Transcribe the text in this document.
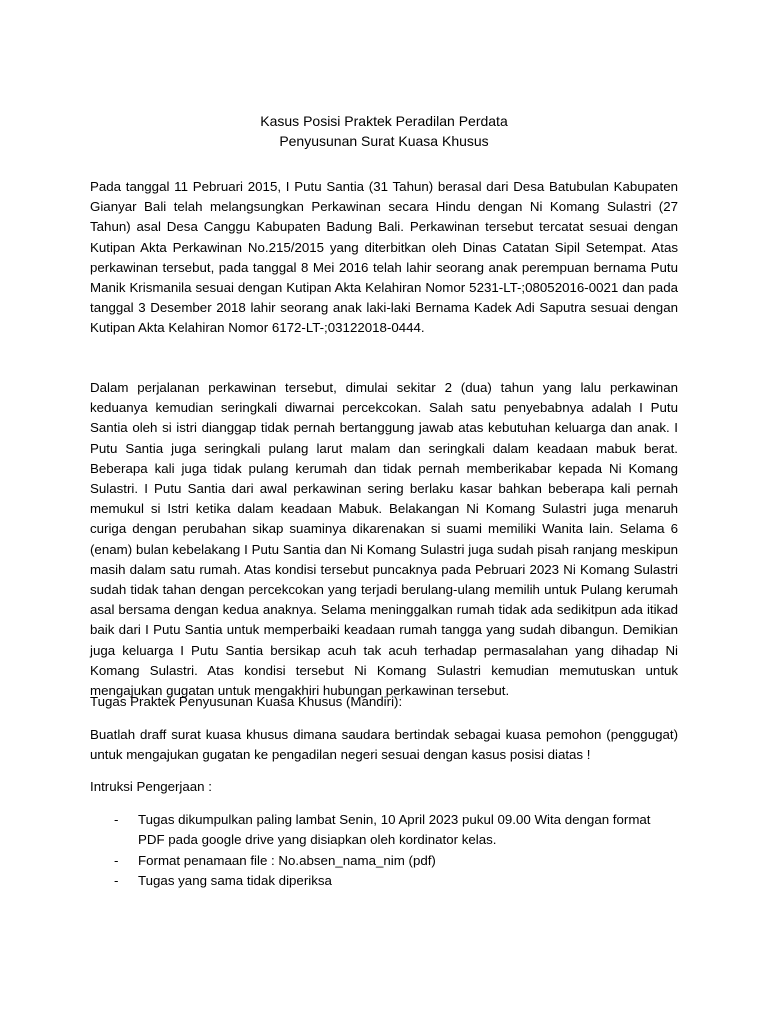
Kasus Posisi Praktek Peradilan Perdata
Penyusunan Surat Kuasa Khusus

Pada tanggal 11 Pebruari 2015, I Putu Santia (31 Tahun) berasal dari Desa Batubulan Kabupaten Gianyar Bali telah melangsungkan Perkawinan secara Hindu dengan Ni Komang Sulastri (27 Tahun) asal Desa Canggu Kabupaten Badung Bali. Perkawinan tersebut tercatat sesuai dengan Kutipan Akta Perkawinan No.215/2015 yang diterbitkan oleh Dinas Catatan Sipil Setempat. Atas perkawinan tersebut, pada tanggal 8 Mei 2016 telah lahir seorang anak perempuan bernama Putu Manik Krismanila sesuai dengan Kutipan Akta Kelahiran Nomor 5231-LT-;08052016-0021 dan pada tanggal 3 Desember 2018 lahir seorang anak laki-laki Bernama Kadek Adi Saputra sesuai dengan Kutipan Akta Kelahiran Nomor 6172-LT-;03122018-0444.

Dalam perjalanan perkawinan tersebut, dimulai sekitar 2 (dua) tahun yang lalu perkawinan keduanya kemudian seringkali diwarnai percekcokan. Salah satu penyebabnya adalah I Putu Santia oleh si istri dianggap tidak pernah bertanggung jawab atas kebutuhan keluarga dan anak. I Putu Santia juga seringkali pulang larut malam dan seringkali dalam keadaan mabuk berat. Beberapa kali juga tidak pulang kerumah dan tidak pernah memberikabar kepada Ni Komang Sulastri. I Putu Santia dari awal perkawinan sering berlaku kasar bahkan beberapa kali pernah memukul si Istri ketika dalam keadaan Mabuk. Belakangan Ni Komang Sulastri juga menaruh curiga dengan perubahan sikap suaminya dikarenakan si suami memiliki Wanita lain. Selama 6 (enam) bulan kebelakang I Putu Santia dan Ni Komang Sulastri juga sudah pisah ranjang meskipun masih dalam satu rumah. Atas kondisi tersebut puncaknya pada Pebruari 2023 Ni Komang Sulastri sudah tidak tahan dengan percekcokan yang terjadi berulang-ulang memilih untuk Pulang kerumah asal bersama dengan kedua anaknya. Selama meninggalkan rumah tidak ada sedikitpun ada itikad baik dari I Putu Santia untuk memperbaiki keadaan rumah tangga yang sudah dibangun. Demikian juga keluarga I Putu Santia bersikap acuh tak acuh terhadap permasalahan yang dihadap Ni Komang Sulastri. Atas kondisi tersebut Ni Komang Sulastri kemudian memutuskan untuk mengajukan gugatan untuk mengakhiri hubungan perkawinan tersebut.

Tugas Praktek Penyusunan Kuasa Khusus (Mandiri):

Buatlah draff surat kuasa khusus dimana saudara bertindak sebagai kuasa pemohon (penggugat) untuk mengajukan gugatan ke pengadilan negeri sesuai dengan kasus posisi diatas !

Intruksi Pengerjaan :

- Tugas dikumpulkan paling lambat Senin, 10 April 2023 pukul 09.00 Wita dengan format PDF pada google drive yang disiapkan oleh kordinator kelas.
- Format penamaan file : No.absen_nama_nim (pdf)
- Tugas yang sama tidak diperiksa
